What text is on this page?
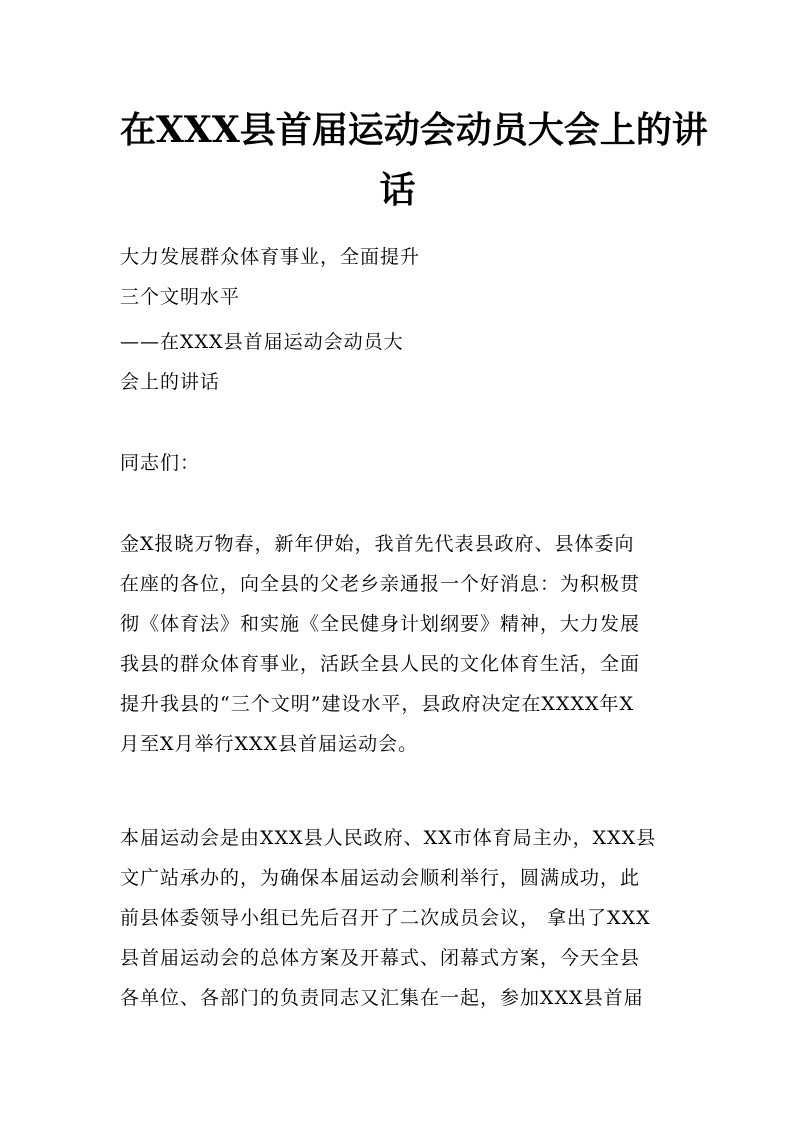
在XXX县首届运动会动员大会上的讲
话
大力发展群众体育事业，全面提升
三个文明水平
——在XXX县首届运动会动员大
会上的讲话
同志们：
金X报晓万物春，新年伊始，我首先代表县政府、县体委向
在座的各位，向全县的父老乡亲通报一个好消息：为积极贯
彻《体育法》和实施《全民健身计划纲要》精神，大力发展
我县的群众体育事业，活跃全县人民的文化体育生活，全面
提升我县的“三个文明”建设水平，县政府决定在XXXX年X
月至X月举行XXX县首届运动会。
本届运动会是由XXX县人民政府、XX市体育局主办，XXX县
文广站承办的，为确保本届运动会顺利举行，圆满成功，此
前县体委领导小组已先后召开了二次成员会议， 拿出了XXX
县首届运动会的总体方案及开幕式、闭幕式方案，今天全县
各单位、各部门的负责同志又汇集在一起，参加XXX县首届
